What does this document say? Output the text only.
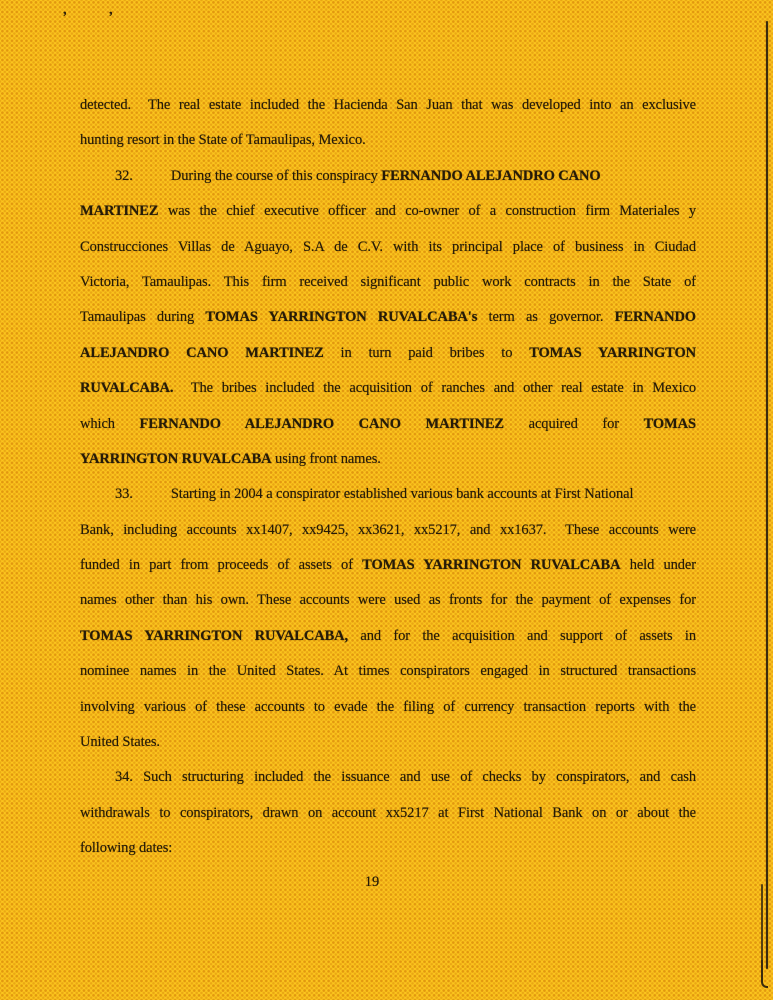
’	’
detected.  The real estate included the Hacienda San Juan that was developed into an exclusive
hunting resort in the State of Tamaulipas, Mexico.
32.	During the course of this conspiracy FERNANDO ALEJANDRO CANO
MARTINEZ was the chief executive officer and co-owner of a construction firm Materiales y
Construcciones Villas de Aguayo, S.A de C.V. with its principal place of business in Ciudad
Victoria, Tamaulipas. This firm received significant public work contracts in the State of
Tamaulipas during TOMAS YARRINGTON RUVALCABA's term as governor. FERNANDO
ALEJANDRO CANO MARTINEZ in turn paid bribes to TOMAS YARRINGTON
RUVALCABA.  The bribes included the acquisition of ranches and other real estate in Mexico
which FERNANDO ALEJANDRO CANO MARTINEZ acquired for TOMAS
YARRINGTON RUVALCABA using front names.
33.	Starting in 2004 a conspirator established various bank accounts at First National
Bank, including accounts xx1407, xx9425, xx3621, xx5217, and xx1637.  These accounts were
funded in part from proceeds of assets of TOMAS YARRINGTON RUVALCABA held under
names other than his own. These accounts were used as fronts for the payment of expenses for
TOMAS YARRINGTON RUVALCABA, and for the acquisition and support of assets in
nominee names in the United States. At times conspirators engaged in structured transactions
involving various of these accounts to evade the filing of currency transaction reports with the
United States.
34. Such structuring included the issuance and use of checks by conspirators, and cash
withdrawals to conspirators, drawn on account xx5217 at First National Bank on or about the
following dates:
19
